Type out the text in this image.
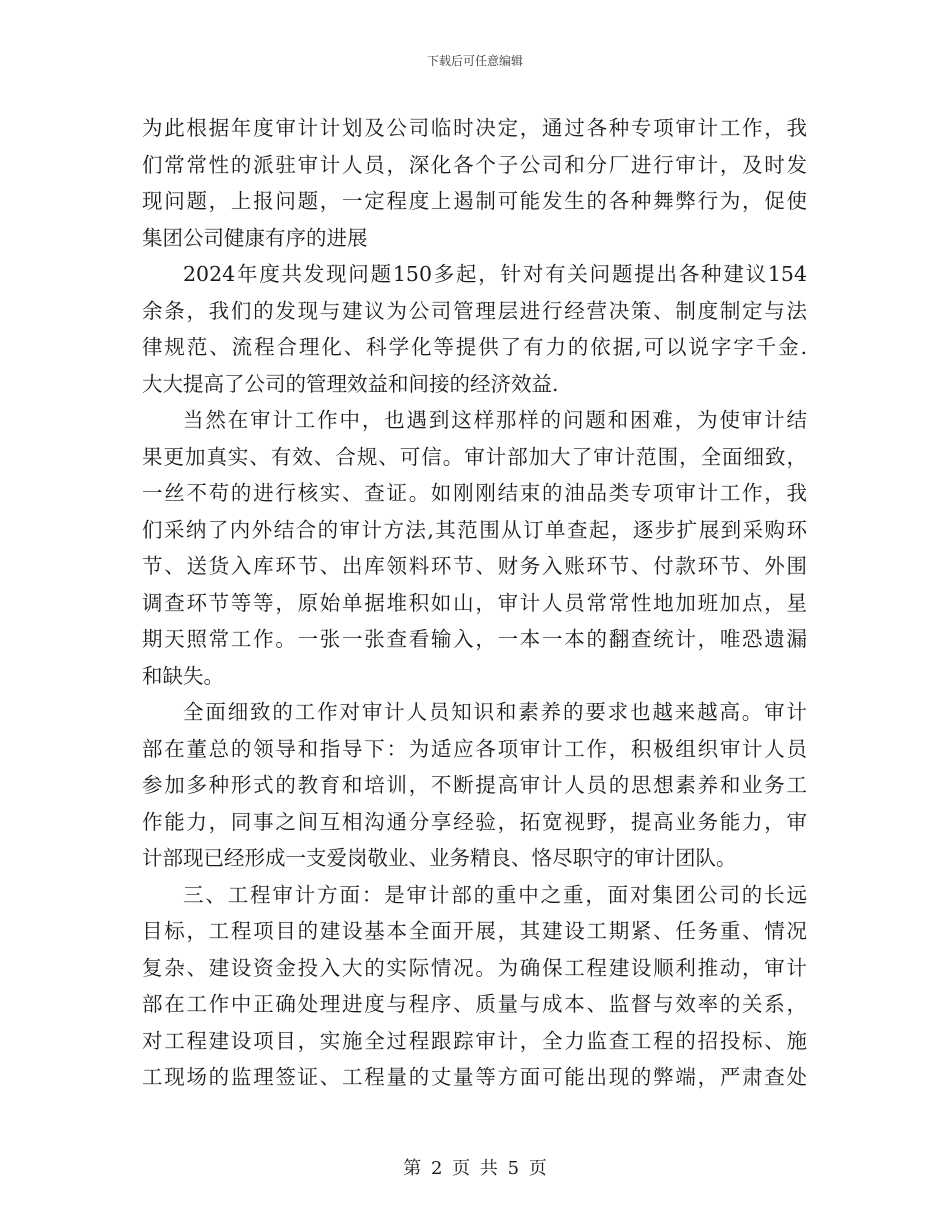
下载后可任意编辑
为此根据年度审计计划及公司临时决定，通过各种专项审计工作，我
们常常性的派驻审计人员，深化各个子公司和分厂进行审计，及时发
现问题，上报问题，一定程度上遏制可能发生的各种舞弊行为，促使
集团公司健康有序的进展
2024年度共发现问题150多起，针对有关问题提出各种建议154
余条，我们的发现与建议为公司管理层进行经营决策、制度制定与法
律规范、流程合理化、科学化等提供了有力的依据,可以说字字千金.
大大提高了公司的管理效益和间接的经济效益.
当然在审计工作中，也遇到这样那样的问题和困难，为使审计结
果更加真实、有效、合规、可信。审计部加大了审计范围，全面细致，
一丝不苟的进行核实、查证。如刚刚结束的油品类专项审计工作，我
们采纳了内外结合的审计方法,其范围从订单查起，逐步扩展到采购环
节、送货入库环节、出库领料环节、财务入账环节、付款环节、外围
调查环节等等，原始单据堆积如山，审计人员常常性地加班加点，星
期天照常工作。一张一张查看输入，一本一本的翻查统计，唯恐遗漏
和缺失。
全面细致的工作对审计人员知识和素养的要求也越来越高。审计
部在董总的领导和指导下：为适应各项审计工作，积极组织审计人员
参加多种形式的教育和培训，不断提高审计人员的思想素养和业务工
作能力，同事之间互相沟通分享经验，拓宽视野，提高业务能力，审
计部现已经形成一支爱岗敬业、业务精良、恪尽职守的审计团队。
三、工程审计方面：是审计部的重中之重，面对集团公司的长远
目标，工程项目的建设基本全面开展，其建设工期紧、任务重、情况
复杂、建设资金投入大的实际情况。为确保工程建设顺利推动，审计
部在工作中正确处理进度与程序、质量与成本、监督与效率的关系，
对工程建设项目，实施全过程跟踪审计，全力监查工程的招投标、施
工现场的监理签证、工程量的丈量等方面可能出现的弊端，严肃查处
第 2 页 共 5 页
